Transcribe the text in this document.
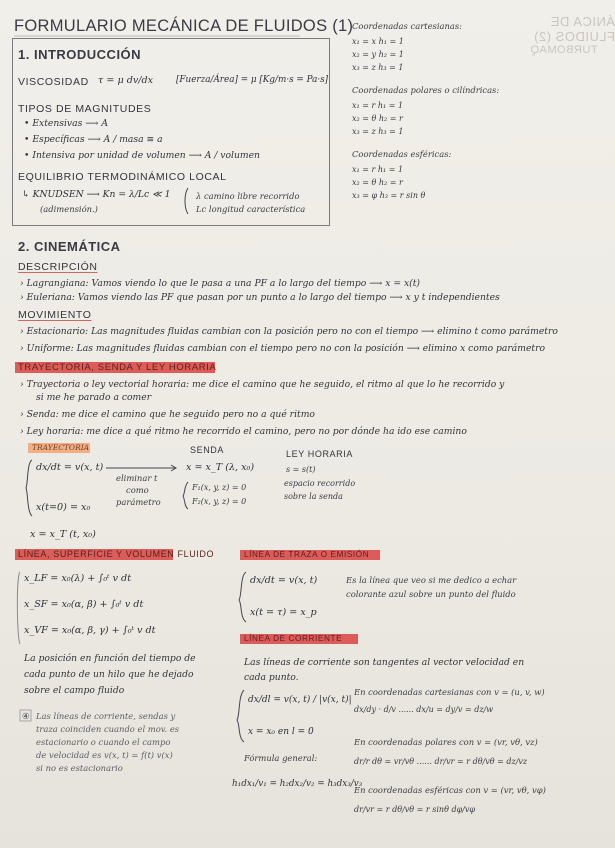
ÁNICA DE FLUIDOS (2)
TURBOMAQ
FORMULARIO MECÁNICA DE FLUIDOS (1)
1. INTRODUCCIÓN
VISCOSIDAD τ = μ dv/dx	[Fuerza/Área] = μ [Kg/m·s = Pa·s]
TIPOS DE MAGNITUDES
• Extensivas ⟶ A
• Específicas ⟶ A / masa ≡ a
• Intensiva por unidad de volumen ⟶ A / volumen
EQUILIBRIO TERMODINÁMICO LOCAL
↳ KNUDSEN ⟶ Kn = λ/Lc ≪ 1
(adimensión.)
λ camino libre recorrido
Lc longitud característica
Coordenadas cartesianas:
x₁ = x h₁ = 1
x₂ = y h₂ = 1
x₃ = z h₃ = 1
Coordenadas polares o cilíndricas:
x₁ = r h₁ = 1
x₂ = θ h₂ = r
x₃ = z h₃ = 1
Coordenadas esféricas:
x₁ = r h₁ = 1
x₂ = θ h₂ = r
x₃ = φ h₃ = r sin θ
2. CINEMÁTICA
DESCRIPCIÓN
› Lagrangiana: Vamos viendo lo que le pasa a una PF a lo largo del tiempo ⟶ x = x(t)
› Euleriana: Vamos viendo las PF que pasan por un punto a lo largo del tiempo ⟶ x y t independientes
MOVIMIENTO
› Estacionario: Las magnitudes fluidas cambian con la posición pero no con el tiempo ⟶ elimino t como parámetro
› Uniforme: Las magnitudes fluidas cambian con el tiempo pero no con la posición ⟶ elimino x como parámetro
TRAYECTORIA, SENDA Y LEY HORARIA
› Trayectoria o ley vectorial horaria: me dice el camino que he seguido, el ritmo al que lo he recorrido y
si me he parado a comer
› Senda: me dice el camino que he seguido pero no a qué ritmo
› Ley horaria: me dice a qué ritmo he recorrido el camino, pero no por dónde ha ido ese camino
TRAYECTORIA
dx/dt = v(x, t)
x(t=0) = x₀
x = x_T (t, x₀)
eliminar t
como
parámetro
SENDA
x = x_T (λ, x₀)
F₁(x, y, z) = 0
F₂(x, y, z) = 0
LEY HORARIA
s = s(t)
espacio recorrido
sobre la senda
LÍNEA, SUPERFICIE Y VOLUMEN FLUIDO
x_LF = x₀(λ) + ∫₀ᵗ v dt
x_SF = x₀(α, β) + ∫₀ᵗ v dt
x_VF = x₀(α, β, γ) + ∫₀ᵗ v dt
La posición en función del tiempo de
cada punto de un hilo que he dejado
sobre el campo fluido
④ Las líneas de corriente, sendas y
traza coinciden cuando el mov. es
estacionario o cuando el campo
de velocidad es v(x, t) = f(t) v(x)
si no es estacionario
LÍNEA DE TRAZA O EMISIÓN
dx/dt = v(x, t)
x(t = τ) = x_p
Es la línea que veo si me dedico a echar
colorante azul sobre un punto del fluido
LÍNEA DE CORRIENTE
Las líneas de corriente son tangentes al vector velocidad en
cada punto.
dx/dl = v(x, t) / |v(x, t)|
x = x₀ en l = 0
En coordenadas cartesianas con v = (u, v, w)
dx/dy · d/v ...... dx/u = dy/v = dz/w
En coordenadas polares con v = (vr, vθ, vz)
dr/r dθ = vr/vθ ...... dr/vr = r dθ/vθ = dz/vz
Fórmula general:
h₁dx₁/v₁ = h₂dx₂/v₂ = h₃dx₃/v₃
En coordenadas esféricas con v = (vr, vθ, vφ)
dr/vr = r dθ/vθ = r sinθ dφ/vφ
